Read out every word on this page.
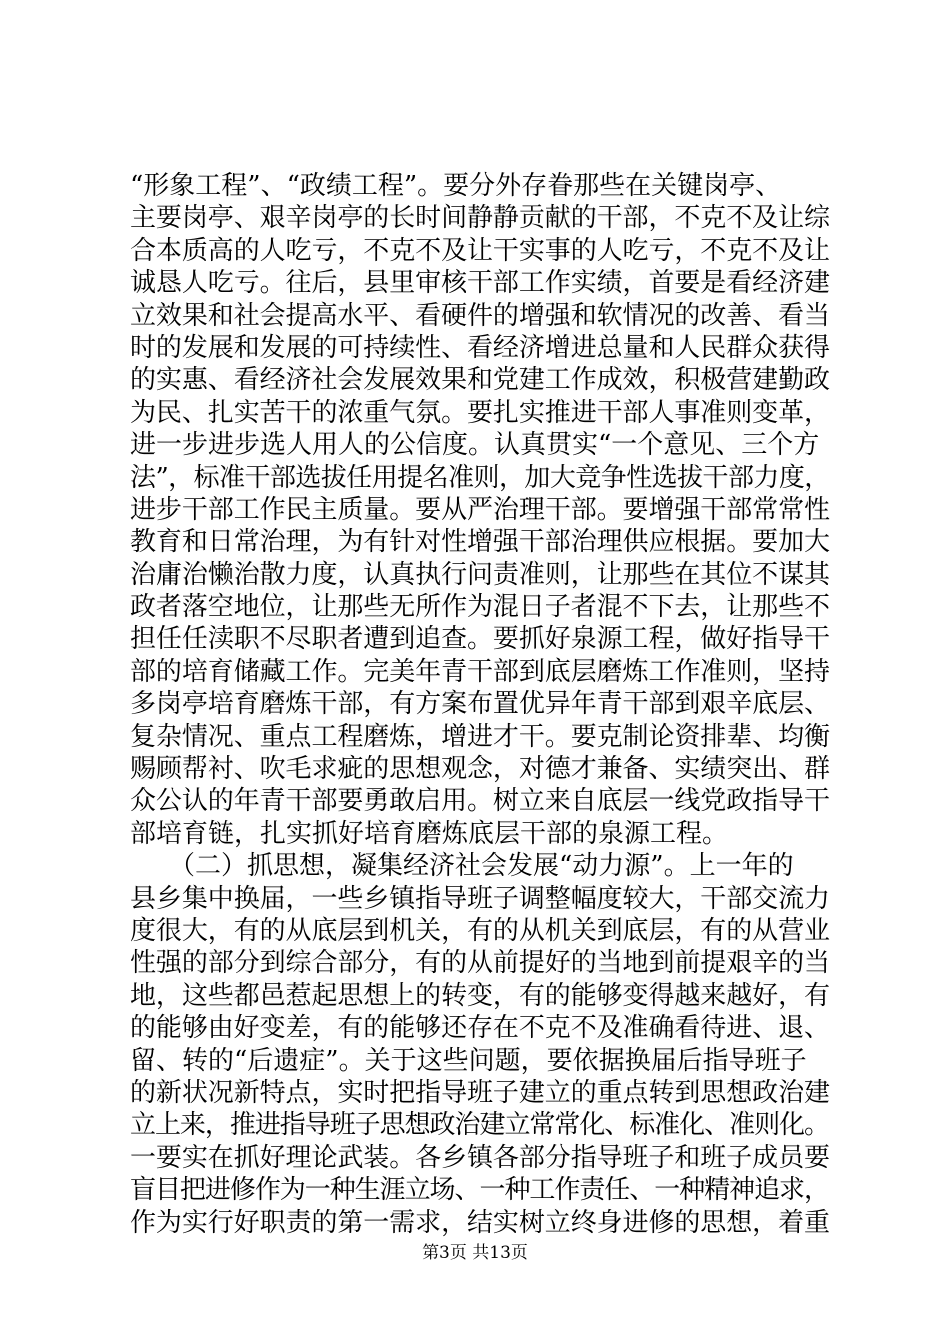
“形象工程”、“政绩工程”。要分外存眷那些在关键岗亭、
主要岗亭、艰辛岗亭的长时间静静贡献的干部，不克不及让综
合本质高的人吃亏，不克不及让干实事的人吃亏，不克不及让
诚恳人吃亏。往后，县里审核干部工作实绩，首要是看经济建
立效果和社会提高水平、看硬件的增强和软情况的改善、看当
时的发展和发展的可持续性、看经济增进总量和人民群众获得
的实惠、看经济社会发展效果和党建工作成效，积极营建勤政
为民、扎实苦干的浓重气氛。要扎实推进干部人事准则变革，
进一步进步选人用人的公信度。认真贯实“一个意见、三个方
法”，标准干部选拔任用提名准则，加大竞争性选拔干部力度，
进步干部工作民主质量。要从严治理干部。要增强干部常常性
教育和日常治理，为有针对性增强干部治理供应根据。要加大
治庸治懒治散力度，认真执行问责准则，让那些在其位不谋其
政者落空地位，让那些无所作为混日子者混不下去，让那些不
担任任渎职不尽职者遭到追查。要抓好泉源工程，做好指导干
部的培育储藏工作。完美年青干部到底层磨炼工作准则，坚持
多岗亭培育磨炼干部，有方案布置优异年青干部到艰辛底层、
复杂情况、重点工程磨炼，增进才干。要克制论资排辈、均衡
赐顾帮衬、吹毛求疵的思想观念，对德才兼备、实绩突出、群
众公认的年青干部要勇敢启用。树立来自底层一线党政指导干
部培育链，扎实抓好培育磨炼底层干部的泉源工程。
　　（二）抓思想，凝集经济社会发展“动力源”。上一年的
县乡集中换届，一些乡镇指导班子调整幅度较大，干部交流力
度很大，有的从底层到机关，有的从机关到底层，有的从营业
性强的部分到综合部分，有的从前提好的当地到前提艰辛的当
地，这些都邑惹起思想上的转变，有的能够变得越来越好，有
的能够由好变差，有的能够还存在不克不及准确看待进、退、
留、转的“后遗症”。关于这些问题，要依据换届后指导班子
的新状况新特点，实时把指导班子建立的重点转到思想政治建
立上来，推进指导班子思想政治建立常常化、标准化、准则化。
一要实在抓好理论武装。各乡镇各部分指导班子和班子成员要
盲目把进修作为一种生涯立场、一种工作责任、一种精神追求，
作为实行好职责的第一需求，结实树立终身进修的思想，着重
第3页 共13页
